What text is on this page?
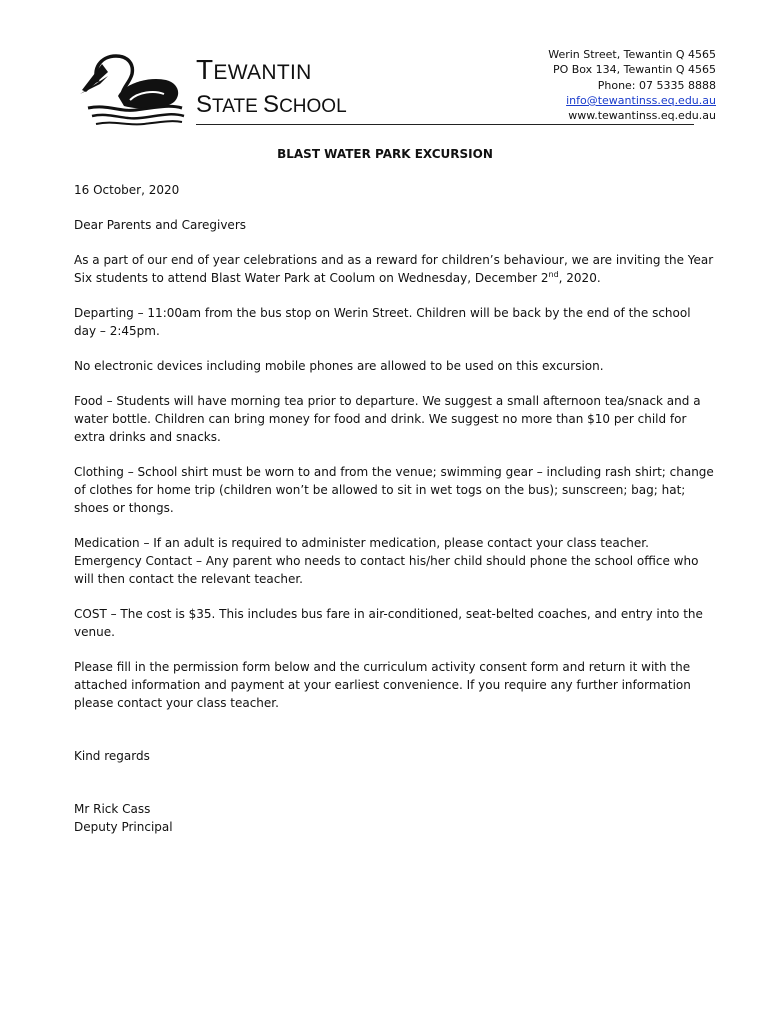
TEWANTIN
STATE SCHOOL
Werin Street, Tewantin Q 4565
PO Box 134, Tewantin Q 4565
Phone: 07 5335 8888
info@tewantinss.eq.edu.au
www.tewantinss.eq.edu.au
BLAST WATER PARK EXCURSION

16 October, 2020

Dear Parents and Caregivers

As a part of our end of year celebrations and as a reward for children’s behaviour, we are inviting the Year Six students to attend Blast Water Park at Coolum on Wednesday, December 2nd, 2020.

Departing – 11:00am from the bus stop on Werin Street. Children will be back by the end of the school day – 2:45pm.

No electronic devices including mobile phones are allowed to be used on this excursion.

Food – Students will have morning tea prior to departure. We suggest a small afternoon tea/snack and a water bottle. Children can bring money for food and drink. We suggest no more than $10 per child for extra drinks and snacks.

Clothing – School shirt must be worn to and from the venue; swimming gear – including rash shirt; change of clothes for home trip (children won’t be allowed to sit in wet togs on the bus); sunscreen; bag; hat; shoes or thongs.

Medication – If an adult is required to administer medication, please contact your class teacher.
Emergency Contact – Any parent who needs to contact his/her child should phone the school office who will then contact the relevant teacher.

COST – The cost is $35. This includes bus fare in air-conditioned, seat-belted coaches, and entry into the venue.

Please fill in the permission form below and the curriculum activity consent form and return it with the attached information and payment at your earliest convenience. If you require any further information please contact your class teacher.

Kind regards

Mr Rick Cass
Deputy Principal
